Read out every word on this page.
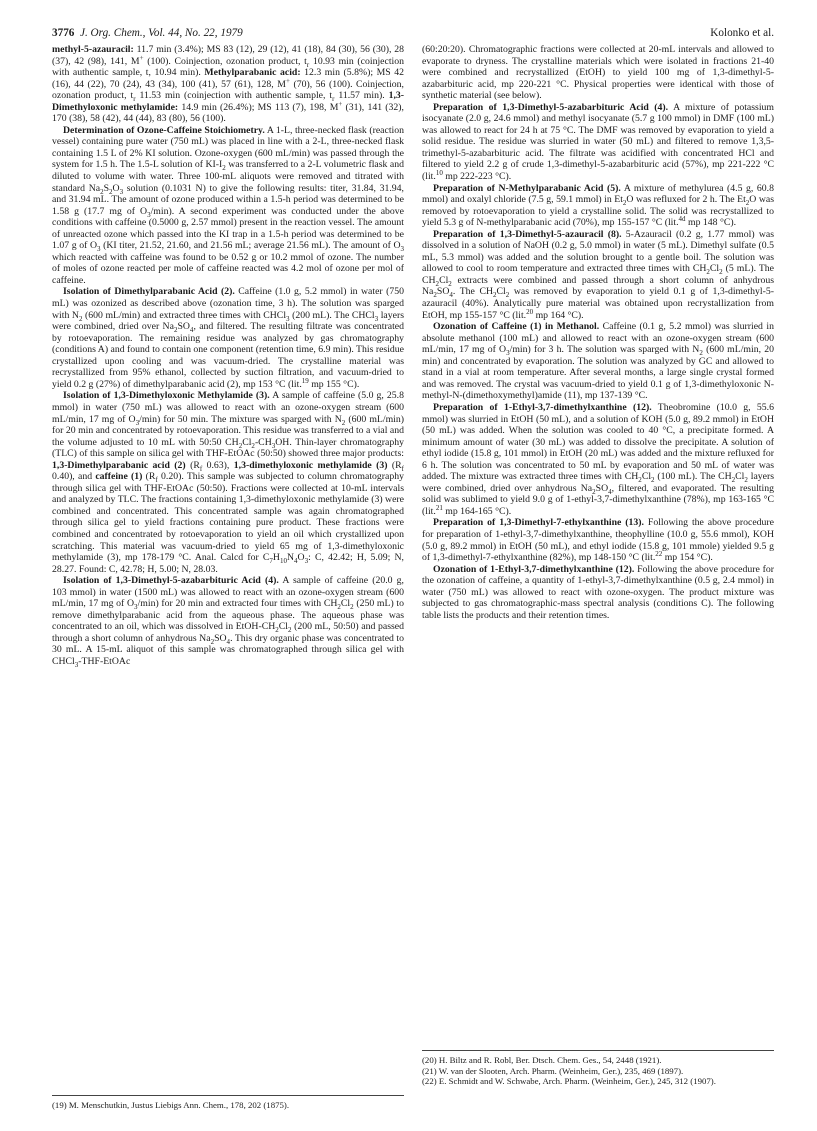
3776 J. Org. Chem., Vol. 44, No. 22, 1979	Kolonko et al.

methyl-5-azauracil: 11.7 min (3.4%); MS 83 (12), 29 (12), 41 (18), 84 (30), 56 (30), 28 (37), 42 (98), 141, M+ (100). Coinjection, ozonation product, $t_r$ 10.93 min (coinjection with authentic sample, t, 10.94 min). Methylparabanic acid: 12.3 min (5.8%); MS 42 (16), 44 (22), 70 (24), 43 (34), 100 (41), 57 (61), 128, M+ (70), 56 (100). Coinjection, ozonation product, $t_r$ 11.53 min (coinjection with authentic sample, $t_r$ 11.57 min). 1,3-Dimethyloxonic methylamide: 14.9 min (26.4%); MS 113 (7), 198, M+ (31), 141 (32), 170 (38), 58 (42), 44 (44), 83 (80), 56 (100).

Determination of Ozone-Caffeine Stoichiometry. A 1-L, three-necked flask (reaction vessel) containing pure water (750 mL) was placed in line with a 2-L, three-necked flask containing 1.5 L of 2% KI solution. Ozone-oxygen (600 mL/min) was passed through the system for 1.5 h. The 1.5-L solution of $KI-I_2$ was transferred to a 2-L volumetric flask and diluted to volume with water. Three 100-mL aliquots were removed and titrated with standard $Na_2S_2O_3$ solution (0.1031 N) to give the following results: titer, 31.84, 31.94, and 31.94 mL. The amount of ozone produced within a 1.5-h period was determined to be 1.58 g (17.7 mg of $O_3/\min$). A second experiment was conducted under the above conditions with caffeine (0.5000 g, 2.57 mmol) present in the reaction vessel. The amount of unreacted ozone which passed into the KI trap in a 1.5-h period was determined to be 1.07 g of $O_3$ (KI titer, 21.52, 21.60, and 21.56 mL; average 21.56 mL). The amount of $O_3$ which reacted with caffeine was found to be 0.52 g or 10.2 mmol of ozone. The number of moles of ozone reacted per mole of caffeine reacted was 4.2 mol of ozone per mol of caffeine.

Isolation of Dimethylparabanic Acid (2). Caffeine (1.0 g, 5.2 mmol) in water (750 mL) was ozonized as described above (ozonation time, 3 h). The solution was sparged with $N_2$ (600 mL/min) and extracted three times with CHCl$_3$ (200 mL). The CHCl$_3$ layers were combined, dried over $Na_2SO_4$, and filtered. The resulting filtrate was concentrated by rotoevaporation. The remaining residue was analyzed by gas chromatography (conditions A) and found to contain one component (retention time, 6.9 min). This residue crystallized upon cooling and was vacuum-dried. The crystalline material was recrystallized from 95% ethanol, collected by suction filtration, and vacuum-dried to yield 0.2 g (27%) of dimethylparabanic acid (2), mp 153 °C (lit.$^{19}$ mp 155 °C).

Isolation of 1,3-Dimethyloxonic Methylamide (3). A sample of caffeine (5.0 g, 25.8 mmol) in water (750 mL) was allowed to react with an ozone-oxygen stream (600 mL/min, 17 mg of $O_3/\min$) for 50 min. The mixture was sparged with $N_2$ (600 mL/min) for 20 min and concentrated by rotoevaporation. This residue was transferred to a vial and the volume adjusted to 10 mL with 50:50 $CH_2Cl_2-CH_3OH$. Thin-layer chromatography (TLC) of this sample on silica gel with THF-EtOAc (50:50) showed three major products: 1,3-Dimethylparabanic acid (2) ($R_f$ 0.63), 1,3-dimethyloxonic methylamide (3) ($R_f$ 0.40), and caffeine (1) ($R_f$ 0.20). This sample was subjected to column chromatography through silica gel with THF-EtOAc (50:50). Fractions were collected at 10-mL intervals and analyzed by TLC. The fractions containing 1,3-dimethyloxonic methylamide (3) were combined and concentrated. This concentrated sample was again chromatographed through silica gel to yield fractions containing pure product. These fractions were combined and concentrated by rotoevaporation to yield an oil which crystallized upon scratching. This material was vacuum-dried to yield 65 mg of 1,3-dimethyloxonic methylamide (3), mp 178-179 °C. Anal. Calcd for $C_7H_{10}N_4O_3$: C, 42.42; H, 5.09; N, 28.27. Found: C, 42.78; H, 5.00; N, 28.03.

Isolation of 1,3-Dimethyl-5-azabarbituric Acid (4). A sample of caffeine (20.0 g, 103 mmol) in water (1500 mL) was allowed to react with an ozone-oxygen stream (600 mL/min, 17 mg of $O_3/\min$) for 20 min and extracted four times with $CH_2Cl_2$ (250 mL) to remove dimethylparabanic acid from the aqueous phase. The aqueous phase was concentrated to an oil, which was dissolved in EtOH-$CH_2Cl_2$ (200 mL, 50:50) and passed through a short column of anhydrous $Na_2SO_4$. This dry organic phase was concentrated to 30 mL. A 15-mL aliquot of this sample was chromatographed through silica gel with CHCl$_3$-THF-EtOAc

(60:20:20). Chromatographic fractions were collected at 20-mL intervals and allowed to evaporate to dryness. The crystalline materials which were isolated in fractions 21-40 were combined and recrystallized (EtOH) to yield 100 mg of 1,3-dimethyl-5-azabarbituric acid, mp 220-221 °C. Physical properties were identical with those of synthetic material (see below).

Preparation of 1,3-Dimethyl-5-azabarbituric Acid (4). A mixture of potassium isocyanate (2.0 g, 24.6 mmol) and methyl isocyanate (5.7 g 100 mmol) in DMF (100 mL) was allowed to react for 24 h at 75 °C. The DMF was removed by evaporation to yield a solid residue. The residue was slurried in water (50 mL) and filtered to remove 1,3,5-trimethyl-5-azabarbituric acid. The filtrate was acidified with concentrated HCl and filtered to yield 2.2 g of crude 1,3-dimethyl-5-azabarbituric acid (57%), mp 221-222 °C (lit.$^{10}$ mp 222-223 °C).

Preparation of N-Methylparabanic Acid (5). A mixture of methylurea (4.5 g, 60.8 mmol) and oxalyl chloride (7.5 g, 59.1 mmol) in $Et_2O$ was refluxed for 2 h. The $Et_2O$ was removed by rotoevaporation to yield a crystalline solid. The solid was recrystallized to yield 5.3 g of N-methylparabanic acid (70%), mp 155-157 °C (lit.$^{4d}$ mp 148 °C).

Preparation of 1,3-Dimethyl-5-azauracil (8). 5-Azauracil (0.2 g, 1.77 mmol) was dissolved in a solution of NaOH (0.2 g, 5.0 mmol) in water (5 mL). Dimethyl sulfate (0.5 mL, 5.3 mmol) was added and the solution brought to a gentle boil. The solution was allowed to cool to room temperature and extracted three times with $CH_2Cl_2$ (5 mL). The $CH_2Cl_2$ extracts were combined and passed through a short column of anhydrous $Na_2SO_4$. The $CH_2Cl_2$ was removed by evaporation to yield 0.1 g of 1,3-dimethyl-5-azauracil (40%). Analytically pure material was obtained upon recrystallization from EtOH, mp 155-157 °C (lit.$^{20}$ mp 164 °C).

Ozonation of Caffeine (1) in Methanol. Caffeine (0.1 g, 5.2 mmol) was slurried in absolute methanol (100 mL) and allowed to react with an ozone-oxygen stream (600 mL/min, 17 mg of $O_3/\min$) for 3 h. The solution was sparged with $N_2$ (600 mL/min, 20 min) and concentrated by evaporation. The solution was analyzed by GC and allowed to stand in a vial at room temperature. After several months, a large single crystal formed and was removed. The crystal was vacuum-dried to yield 0.1 g of 1,3-dimethyloxonic N-methyl-N-(dimethoxymethyl)amide (11), mp 137-139 °C.

Preparation of 1-Ethyl-3,7-dimethylxanthine (12). Theobromine (10.0 g, 55.6 mmol) was slurried in EtOH (50 mL), and a solution of KOH (5.0 g, 89.2 mmol) in EtOH (50 mL) was added. When the solution was cooled to 40 °C, a precipitate formed. A minimum amount of water (30 mL) was added to dissolve the precipitate. A solution of ethyl iodide (15.8 g, 101 mmol) in EtOH (20 mL) was added and the mixture refluxed for 6 h. The solution was concentrated to 50 mL by evaporation and 50 mL of water was added. The mixture was extracted three times with $CH_2Cl_2$ (100 mL). The $CH_2Cl_2$ layers were combined, dried over anhydrous $Na_2SO_4$, filtered, and evaporated. The resulting solid was sublimed to yield 9.0 g of 1-ethyl-3,7-dimethylxanthine (78%), mp 163-165 °C (lit.$^{21}$ mp 164-165 °C).

Preparation of 1,3-Dimethyl-7-ethylxanthine (13). Following the above procedure for preparation of 1-ethyl-3,7-dimethylxanthine, theophylline (10.0 g, 55.6 mmol), KOH (5.0 g, 89.2 mmol) in EtOH (50 mL), and ethyl iodide (15.8 g, 101 mmole) yielded 9.5 g of 1,3-dimethyl-7-ethylxanthine (82%), mp 148-150 °C (lit.$^{22}$ mp 154 °C).

Ozonation of 1-Ethyl-3,7-dimethylxanthine (12). Following the above procedure for the ozonation of caffeine, a quantity of 1-ethyl-3,7-dimethylxanthine (0.5 g, 2.4 mmol) in water (750 mL) was allowed to react with ozone-oxygen. The product mixture was subjected to gas chromatographic-mass spectral analysis (conditions C). The following table lists the products and their retention times.

(19) M. Menschutkin, Justus Liebigs Ann. Chem., 178, 202 (1875).

(20) H. Biltz and R. Robl, Ber. Dtsch. Chem. Ges., 54, 2448 (1921).

(21) W. van der Slooten, Arch. Pharm. (Weinheim, Ger.), 235, 469 (1897).

(22) E. Schmidt and W. Schwabe, Arch. Pharm. (Weinheim, Ger.), 245, 312 (1907).
